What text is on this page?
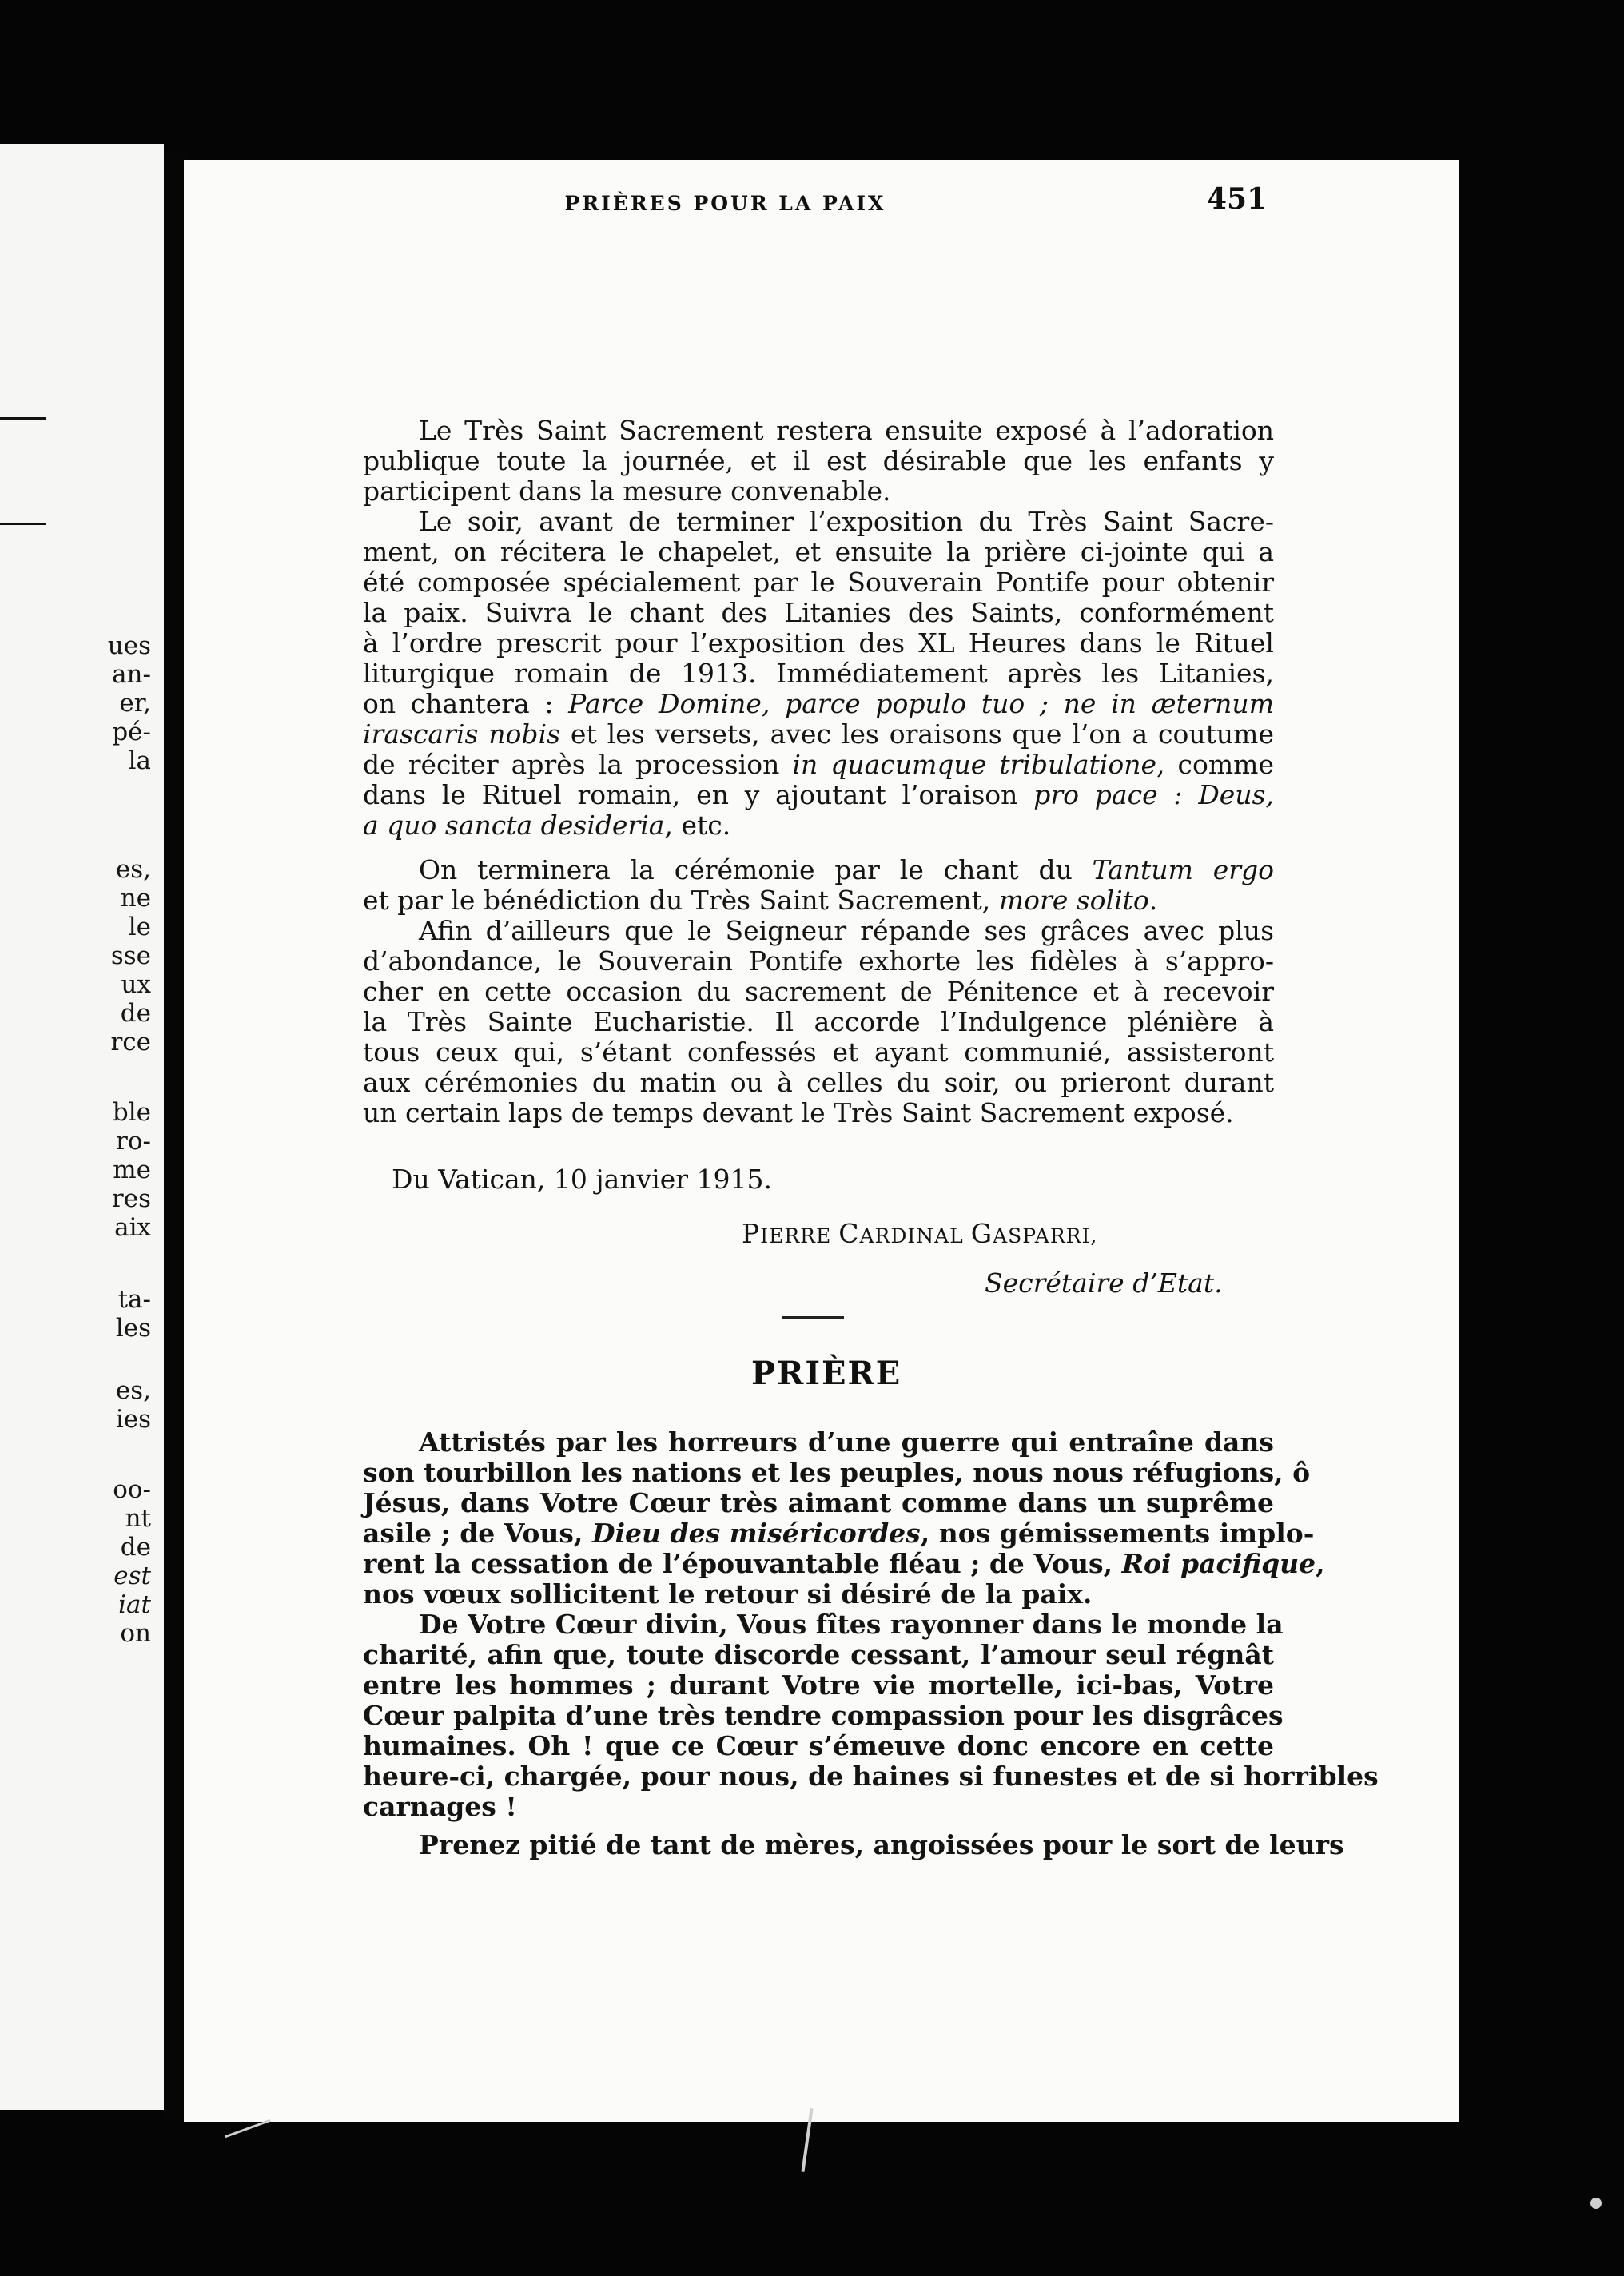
ues
an-
er,
pé-
la
es,
ne
le
sse
ux
de
rce
ble
ro-
me
res
aix
ta-
les
es,
ies
oo-
nt
de
est
iat
on
PRIÈRES POUR LA PAIX	451
Le Très Saint Sacrement restera ensuite exposé à l’adoration
publique toute la journée, et il est désirable que les enfants y
participent dans la mesure convenable.
Le soir, avant de terminer l’exposition du Très Saint Sacre-
ment, on récitera le chapelet, et ensuite la prière ci-jointe qui a
été composée spécialement par le Souverain Pontife pour obtenir
la paix. Suivra le chant des Litanies des Saints, conformément
à l’ordre prescrit pour l’exposition des XL Heures dans le Rituel
liturgique romain de 1913. Immédiatement après les Litanies,
on chantera : Parce Domine, parce populo tuo ; ne in æternum
irascaris nobis et les versets, avec les oraisons que l’on a coutume
de réciter après la procession in quacumque tribulatione, comme
dans le Rituel romain, en y ajoutant l’oraison pro pace : Deus,
a quo sancta desideria, etc.
On terminera la cérémonie par le chant du Tantum ergo
et par le bénédiction du Très Saint Sacrement, more solito.
Afin d’ailleurs que le Seigneur répande ses grâces avec plus
d’abondance, le Souverain Pontife exhorte les fidèles à s’appro-
cher en cette occasion du sacrement de Pénitence et à recevoir
la Très Sainte Eucharistie. Il accorde l’Indulgence plénière à
tous ceux qui, s’étant confessés et ayant communié, assisteront
aux cérémonies du matin ou à celles du soir, ou prieront durant
un certain laps de temps devant le Très Saint Sacrement exposé.
Du Vatican, 10 janvier 1915.
PIERRE CARDINAL GASPARRI,
Secrétaire d’Etat.
PRIÈRE
Attristés par les horreurs d’une guerre qui entraîne dans
son tourbillon les nations et les peuples, nous nous réfugions, ô
Jésus, dans Votre Cœur très aimant comme dans un suprême
asile ; de Vous, Dieu des miséricordes, nos gémissements implo-
rent la cessation de l’épouvantable fléau ; de Vous, Roi pacifique,
nos vœux sollicitent le retour si désiré de la paix.
De Votre Cœur divin, Vous fîtes rayonner dans le monde la
charité, afin que, toute discorde cessant, l’amour seul régnât
entre les hommes ; durant Votre vie mortelle, ici-bas, Votre
Cœur palpita d’une très tendre compassion pour les disgrâces
humaines. Oh ! que ce Cœur s’émeuve donc encore en cette
heure-ci, chargée, pour nous, de haines si funestes et de si horribles
carnages !
Prenez pitié de tant de mères, angoissées pour le sort de leurs
